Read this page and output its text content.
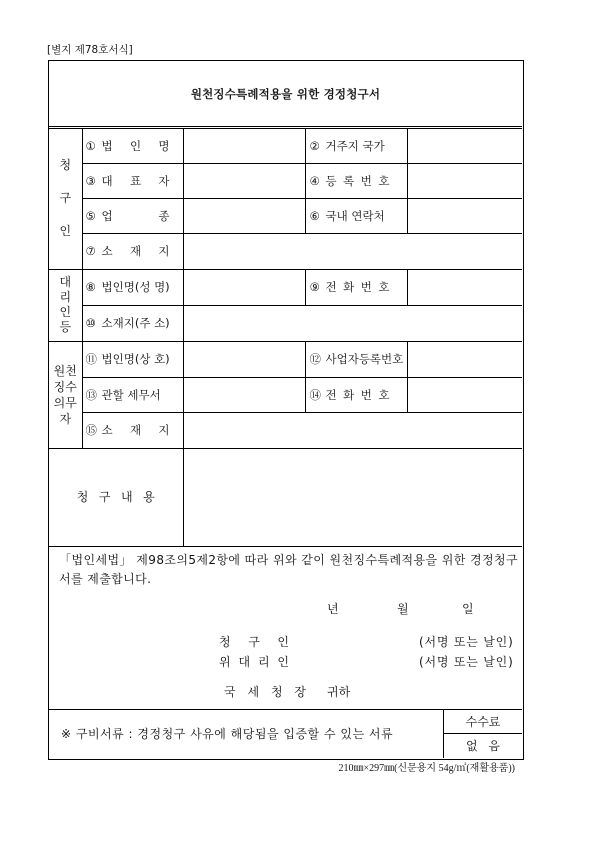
[별지 제78호서식]
원천징수특례적용을 위한 경정청구서
청구인	① 법 인 명		② 거주지 국가	
	③ 대 표 자		④ 등 록 번 호	
	⑤ 업 종		⑥ 국내 연락처	
	⑦ 소 재 지			
대리인등	⑧ 법인명(성 명)		⑨ 전 화 번 호	
	⑩ 소재지(주 소)			
원천징수의무자	⑪ 법인명(상 호)		⑫ 사업자등록번호	
	⑬ 관할 세무서		⑭ 전 화 번 호	
	⑮ 소 재 지			
청 구 내 용				

「법인세법」 제98조의5제2항에 따라 위와 같이 원천징수특례적용을 위한 경정청구서를 제출합니다.

년	월	일
청 구 인	(서명 또는 날인)
위 대 리 인	(서명 또는 날인)
국 세 청 장 귀하
※ 구비서류 : 경정청구 사유에 해당됨을 입증할 수 있는 서류
수수료
없 음
210㎜×297㎜(신문용지 54g/㎡(재활용품))
